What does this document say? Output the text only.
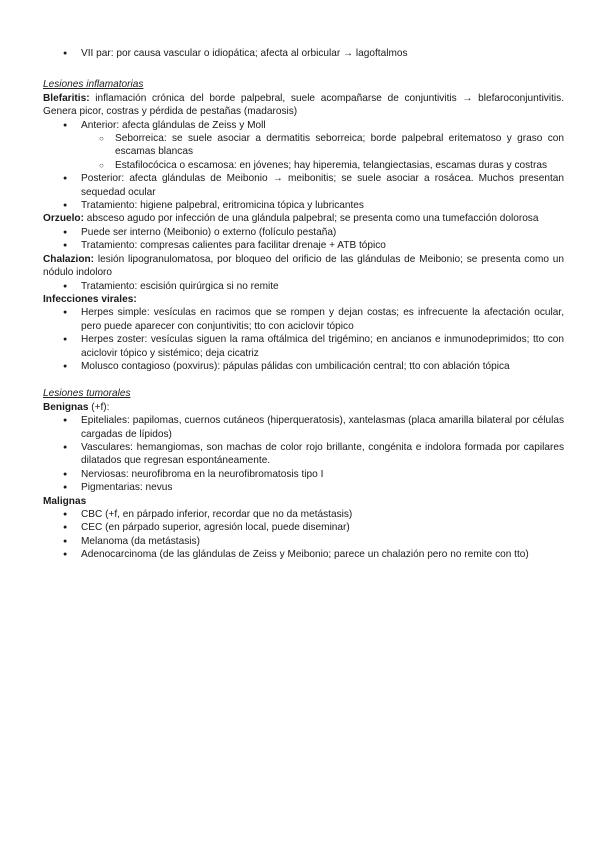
● VII par: por causa vascular o idiopática; afecta al orbicular → lagoftalmos
Lesiones inflamatorias
Blefaritis: inflamación crónica del borde palpebral, suele acompañarse de conjuntivitis → blefaroconjuntivitis. Genera picor, costras y pérdida de pestañas (madarosis)
● Anterior: afecta glándulas de Zeiss y Moll
○ Seborreica: se suele asociar a dermatitis seborreica; borde palpebral eritematoso y graso con escamas blancas
○ Estafilocócica o escamosa: en jóvenes; hay hiperemia, telangiectasias, escamas duras y costras
● Posterior: afecta glándulas de Meibonio → meibonitis; se suele asociar a rosácea. Muchos presentan sequedad ocular
● Tratamiento: higiene palpebral, eritromicina tópica y lubricantes
Orzuelo: absceso agudo por infección de una glándula palpebral; se presenta como una tumefacción dolorosa
● Puede ser interno (Meibonio) o externo (folículo pestaña)
● Tratamiento: compresas calientes para facilitar drenaje + ATB tópico
Chalazion: lesión lipogranulomatosa, por bloqueo del orificio de las glándulas de Meibonio; se presenta como un nódulo indoloro
● Tratamiento: escisión quirúrgica si no remite
Infecciones virales:
● Herpes simple: vesículas en racimos que se rompen y dejan costas; es infrecuente la afectación ocular, pero puede aparecer con conjuntivitis; tto con aciclovir tópico
● Herpes zoster: vesículas siguen la rama oftálmica del trigémino; en ancianos e inmunodeprimidos; tto con aciclovir tópico y sistémico; deja cicatriz
● Molusco contagioso (poxvirus): pápulas pálidas con umbilicación central; tto con ablación tópica
Lesiones tumorales
Benignas (+f):
● Epiteliales: papilomas, cuernos cutáneos (hiperqueratosis), xantelasmas (placa amarilla bilateral por células cargadas de lípidos)
● Vasculares: hemangiomas, son machas de color rojo brillante, congénita e indolora formada por capilares dilatados que regresan espontáneamente.
● Nerviosas: neurofibroma en la neurofibromatosis tipo I
● Pigmentarias: nevus
Malignas
● CBC (+f, en párpado inferior, recordar que no da metástasis)
● CEC (en párpado superior, agresión local, puede diseminar)
● Melanoma (da metástasis)
● Adenocarcinoma (de las glándulas de Zeiss y Meibonio; parece un chalazión pero no remite con tto)
